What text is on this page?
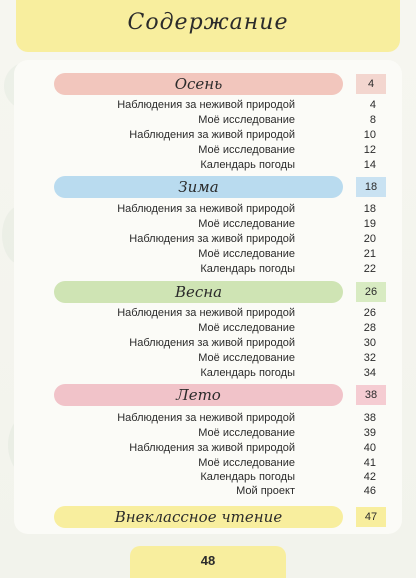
Содержание
Осень	4
Наблюдения за неживой природой	4
Моё исследование	8
Наблюдения за живой природой	10
Моё исследование	12
Календарь погоды	14
Зима	18
Наблюдения за неживой природой	18
Моё исследование	19
Наблюдения за живой природой	20
Моё исследование	21
Календарь погоды	22
Весна	26
Наблюдения за неживой природой	26
Моё исследование	28
Наблюдения за живой природой	30
Моё исследование	32
Календарь погоды	34
Лето	38
Наблюдения за неживой природой	38
Моё исследование	39
Наблюдения за живой природой	40
Моё исследование	41
Календарь погоды	42
Мой проект	46
Внеклассное чтение	47
48
